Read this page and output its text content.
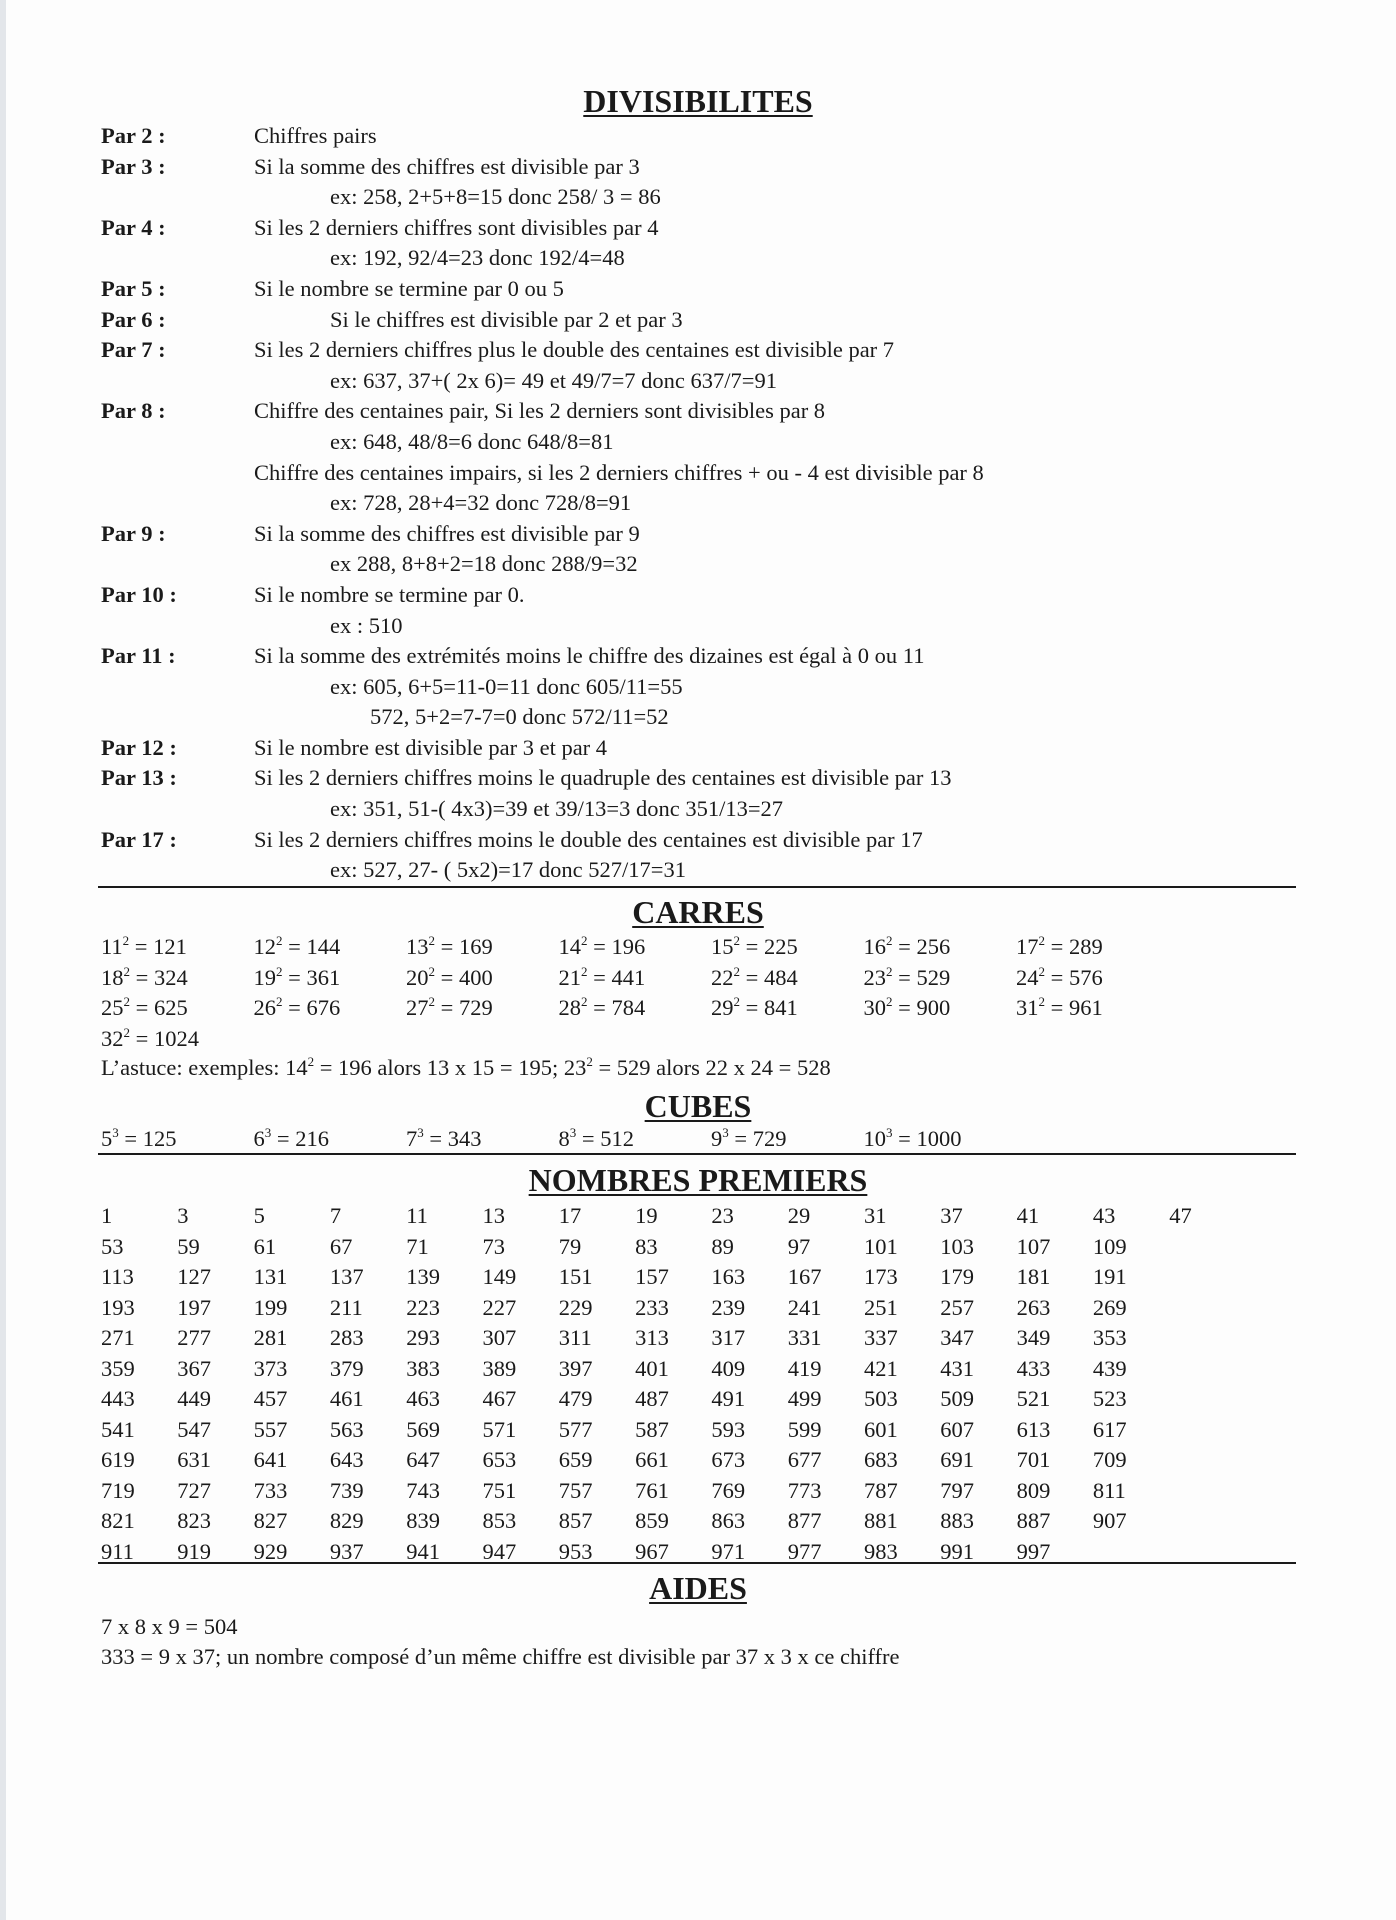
DIVISIBILITES
Par 2 :	Chiffres pairs
Par 3 :	Si la somme des chiffres est divisible par 3
ex: 258, 2+5+8=15 donc 258/ 3 = 86
Par 4 :	Si les 2 derniers chiffres sont divisibles par 4
ex: 192, 92/4=23 donc 192/4=48
Par 5 :	Si le nombre se termine par 0 ou 5
Par 6 :	Si le chiffres est divisible par 2 et par 3
Par 7 :	Si les 2 derniers chiffres plus le double des centaines est divisible par 7
ex: 637, 37+( 2x 6)= 49 et 49/7=7 donc 637/7=91
Par 8 :	Chiffre des centaines pair, Si les 2 derniers sont divisibles par 8
ex: 648, 48/8=6 donc 648/8=81
Chiffre des centaines impairs, si les 2 derniers chiffres + ou - 4 est divisible par 8
ex: 728, 28+4=32 donc 728/8=91
Par 9 :	Si la somme des chiffres est divisible par 9
ex 288, 8+8+2=18 donc 288/9=32
Par 10 :	Si le nombre se termine par 0.
ex : 510
Par 11 :	Si la somme des extrémités moins le chiffre des dizaines est égal à 0 ou 11
ex: 605, 6+5=11-0=11 donc 605/11=55
572, 5+2=7-7=0 donc 572/11=52
Par 12 :	Si le nombre est divisible par 3 et par 4
Par 13 :	Si les 2 derniers chiffres moins le quadruple des centaines est divisible par 13
ex: 351, 51-( 4x3)=39 et 39/13=3 donc 351/13=27
Par 17 :	Si les 2 derniers chiffres moins le double des centaines est divisible par 17
ex: 527, 27- ( 5x2)=17 donc 527/17=31
CARRES
$11^2 = 121$	$12^2 = 144$	$13^2 = 169$	$14^2 = 196$	$15^2 = 225$	$16^2 = 256$	$17^2 = 289$
$18^2 = 324$	$19^2 = 361$	$20^2 = 400$	$21^2 = 441$	$22^2 = 484$	$23^2 = 529$	$24^2 = 576$
$25^2 = 625$	$26^2 = 676$	$27^2 = 729$	$28^2 = 784$	$29^2 = 841$	$30^2 = 900$	$31^2 = 961$
$32^2 = 1024$
L’astuce: exemples: $14^2 = 196$ alors 13 x 15 = 195; $23^2 = 529$ alors 22 x 24 = 528
CUBES
$5^3 = 125$	$6^3 = 216$	$7^3 = 343$	$8^3 = 512$	$9^3 = 729$	$10^3 = 1000$
NOMBRES PREMIERS
1	3	5	7	11 13 17 19 23 29 31 37 41 43 47
53 59 61 67 71 73 79 83 89 97 101 103 107 109
113 127 131 137 139 149 151 157 163 167 173 179 181 191
193 197 199 211 223 227 229 233 239 241 251 257 263 269
271 277 281 283 293 307 311 313 317 331 337 347 349 353
359 367 373 379 383 389 397 401 409 419 421 431 433 439
443 449 457 461 463 467 479 487 491 499 503 509 521 523
541 547 557 563 569 571 577 587 593 599 601 607 613 617
619 631 641 643 647 653 659 661 673 677 683 691 701 709
719 727 733 739 743 751 757 761 769 773 787 797 809 811
821 823 827 829 839 853 857 859 863 877 881 883 887 907
911 919 929 937 941 947 953 967 971 977 983 991 997
AIDES
7 x 8 x 9 = 504
333 = 9 x 37; un nombre composé d’un même chiffre est divisible par 37 x 3 x ce chiffre
